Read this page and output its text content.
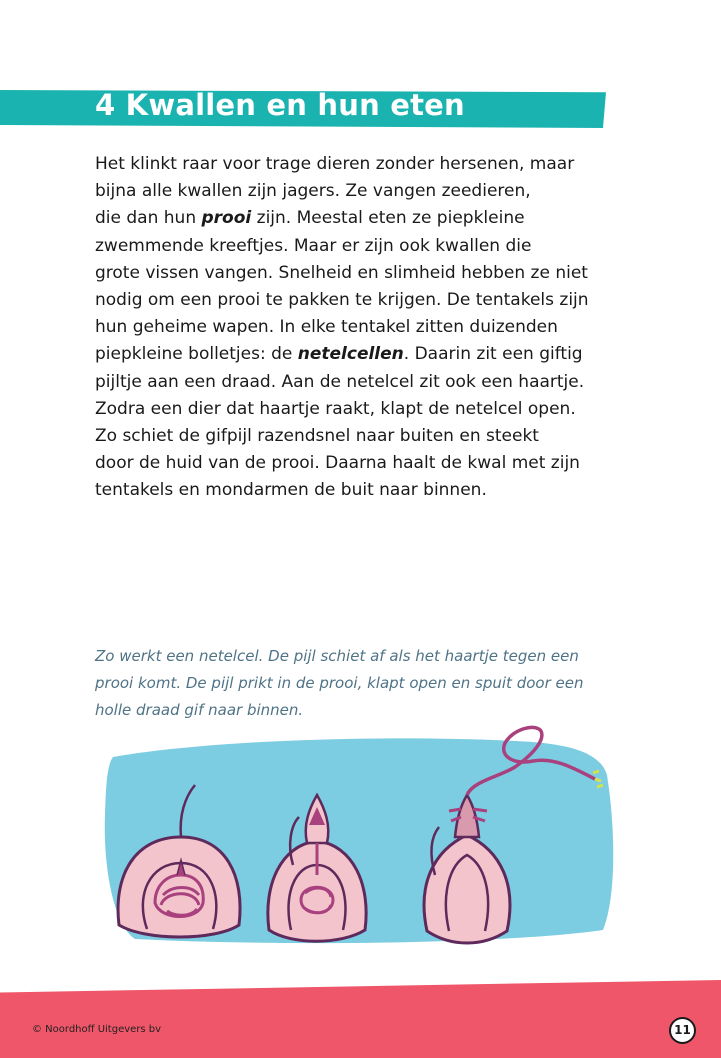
4 Kwallen en hun eten

Het klinkt raar voor trage dieren zonder hersenen, maar
bijna alle kwallen zijn jagers. Ze vangen zeedieren,
die dan hun prooi zijn. Meestal eten ze piepkleine
zwemmende kreeftjes. Maar er zijn ook kwallen die
grote vissen vangen. Snelheid en slimheid hebben ze niet
nodig om een prooi te pakken te krijgen. De tentakels zijn
hun geheime wapen. In elke tentakel zitten duizenden
piepkleine bolletjes: de netelcellen. Daarin zit een giftig
pijltje aan een draad. Aan de netelcel zit ook een haartje.
Zodra een dier dat haartje raakt, klapt de netelcel open.
Zo schiet de gifpijl razendsnel naar buiten en steekt
door de huid van de prooi. Daarna haalt de kwal met zijn
tentakels en mondarmen de buit naar binnen.

Zo werkt een netelcel. De pijl schiet af als het haartje tegen een
prooi komt. De pijl prikt in de prooi, klapt open en spuit door een
holle draad gif naar binnen.

© Noordhoff Uitgevers bv	11
